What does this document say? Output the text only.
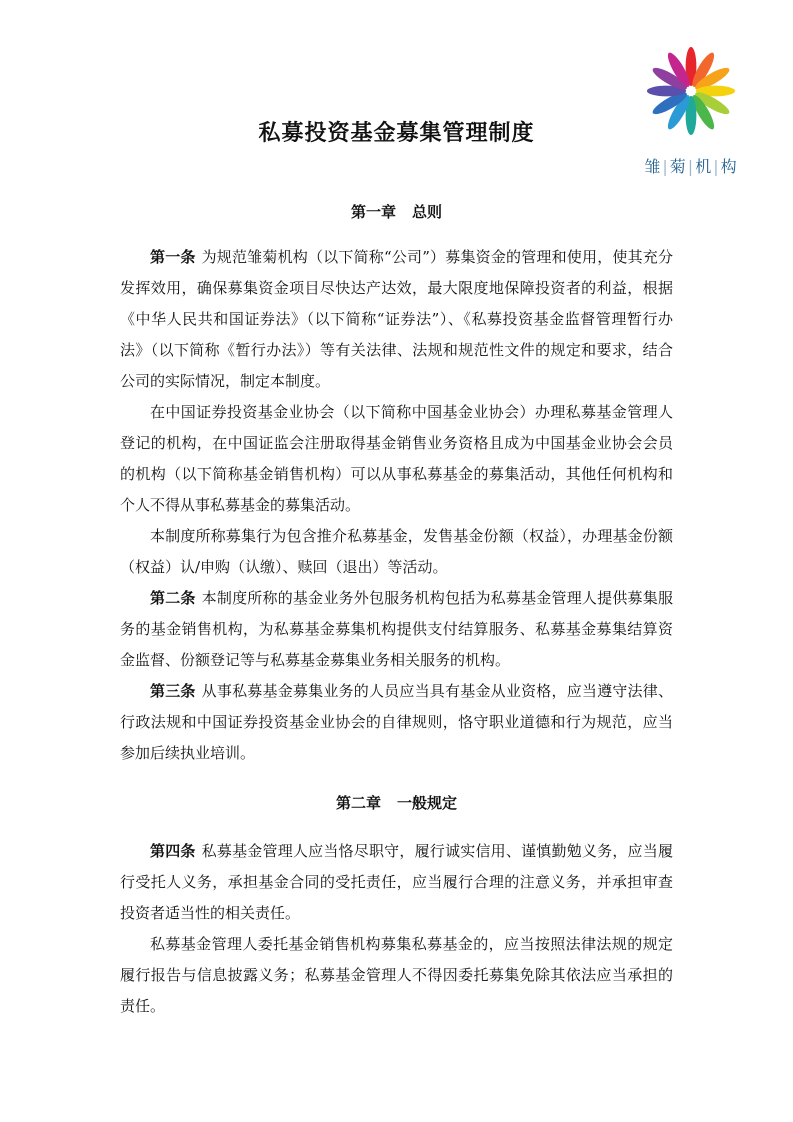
雏|菊|机|构
私募投资基金募集管理制度
第一章 总则

第一条 为规范雏菊机构（以下简称“公司”）募集资金的管理和使用，使其充分发挥效用，确保募集资金项目尽快达产达效，最大限度地保障投资者的利益，根据《中华人民共和国证券法》（以下简称“证券法”）、《私募投资基金监督管理暂行办法》（以下简称《暂行办法》）等有关法律、法规和规范性文件的规定和要求，结合公司的实际情况，制定本制度。

在中国证券投资基金业协会（以下简称中国基金业协会）办理私募基金管理人登记的机构，在中国证监会注册取得基金销售业务资格且成为中国基金业协会会员的机构（以下简称基金销售机构）可以从事私募基金的募集活动，其他任何机构和个人不得从事私募基金的募集活动。

本制度所称募集行为包含推介私募基金，发售基金份额（权益），办理基金份额（权益）认/申购（认缴）、赎回（退出）等活动。

第二条 本制度所称的基金业务外包服务机构包括为私募基金管理人提供募集服务的基金销售机构，为私募基金募集机构提供支付结算服务、私募基金募集结算资金监督、份额登记等与私募基金募集业务相关服务的机构。

第三条 从事私募基金募集业务的人员应当具有基金从业资格，应当遵守法律、行政法规和中国证券投资基金业协会的自律规则，恪守职业道德和行为规范，应当参加后续执业培训。

第二章 一般规定

第四条 私募基金管理人应当恪尽职守，履行诚实信用、谨慎勤勉义务，应当履行受托人义务，承担基金合同的受托责任，应当履行合理的注意义务，并承担审查投资者适当性的相关责任。

私募基金管理人委托基金销售机构募集私募基金的，应当按照法律法规的规定履行报告与信息披露义务；私募基金管理人不得因委托募集免除其依法应当承担的责任。
